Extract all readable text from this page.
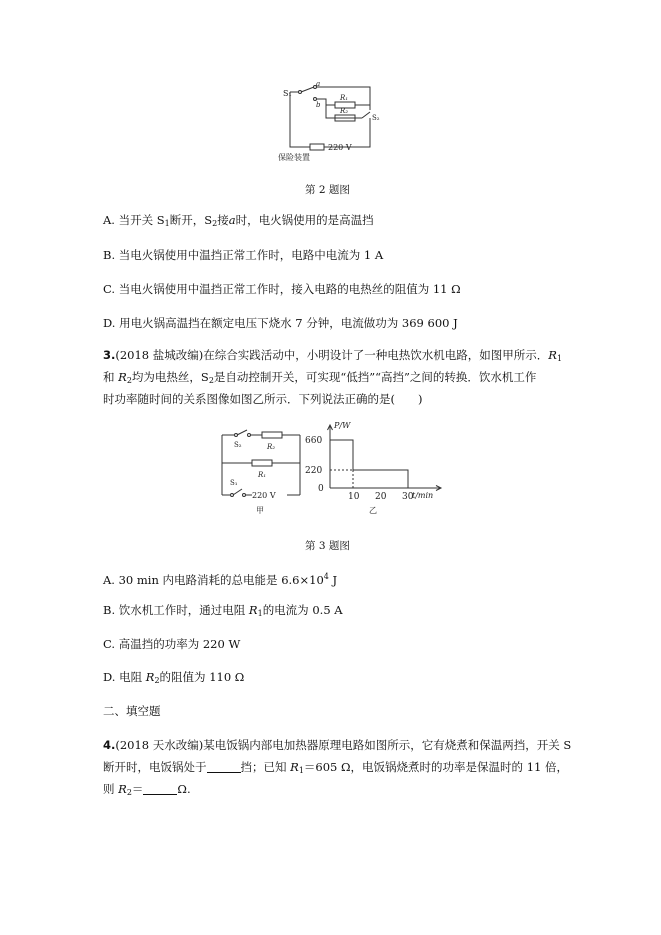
S₁
a
b
R₁
R₂
S₂
220 V
保险装置
第 2 题图
A. 当开关 $S_1$断开，$S_2$接a时，电火锅使用的是高温挡
B. 当电火锅使用中温挡正常工作时，电路中电流为 1 A
C. 当电火锅使用中温挡正常工作时，接入电路的电热丝的阻值为 11 Ω
D. 用电火锅高温挡在额定电压下烧水 7 分钟，电流做功为 369 600 J
3.(2018 盐城改编)在综合实践活动中，小明设计了一种电热饮水机电路，如图甲所示．$R_1$
和 $R_2$均为电热丝，$S_2$是自动控制开关，可实现“低挡”“高挡”之间的转换．饮水机工作
时功率随时间的关系图像如图乙所示．下列说法正确的是(　　)
S₂	R₂
R₁
S₁
220 V
甲
P/W
t/min
660
220
0
10 20 30
乙
第 3 题图
A. 30 min 内电路消耗的总电能是 $6.6\times 10^4$ J
B. 饮水机工作时，通过电阻 $R_1$的电流为 0.5 A
C. 高温挡的功率为 220 W
D. 电阻 $R_2$的阻值为 110 Ω
二、填空题
4.(2018 天水改编)某电饭锅内部电加热器原理电路如图所示，它有烧煮和保温两挡，开关 S
断开时，电饭锅处于	挡；已知 $R_1=605$ Ω，电饭锅烧煮时的功率是保温时的 11 倍，
则 $R_2=$	Ω.
